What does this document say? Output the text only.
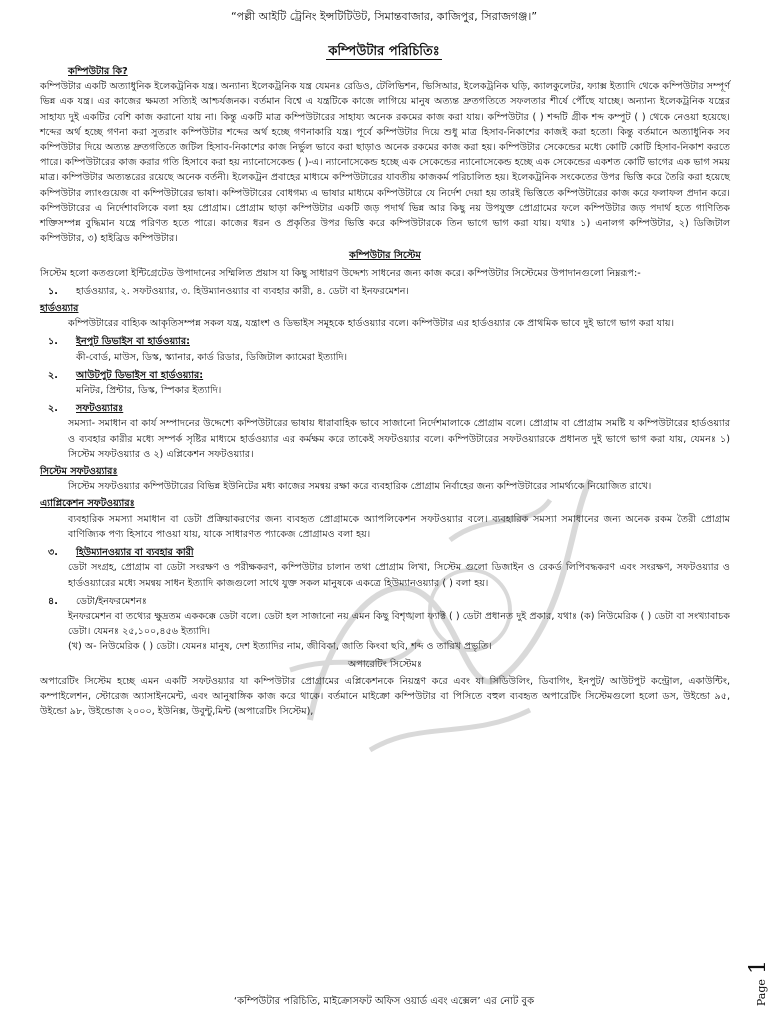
“পল্লী আইটি ট্রেনিং ইন্সটিটিউট, সিমান্তবাজার, কাজিপুর, সিরাজগঞ্জ।”
কম্পিউটার পরিচিতিঃ
কম্পিউটার কি?
কম্পিউটার একটি অত্যাধুনিক ইলেকট্রনিক যন্ত্র। অন্যান্য ইলেকট্রনিক যন্ত্র যেমনঃ রেডিও, টেলিভিশন, ভিসিআর, ইলেকট্রনিক ঘড়ি, ক্যালকুলেটর, ফ্যাক্স ইত্যাদি থেকে কম্পিউটার সম্পূর্ণ ভিন্ন এক যন্ত্র। এর কাজের ক্ষমতা সত্যিই আশ্চর্যজনক। বর্তমান বিশ্বে এ যন্ত্রটিকে কাজে লাগিয়ে মানুষ অত্যন্ত দ্রুতগতিতে সফলতার শীর্ষে পৌঁছে যাচ্ছে। অন্যান্য ইলেকট্রনিক যন্ত্রের সাহায্য দুই একটির বেশি কাজ করানো যায় না। কিন্তু একটি মাত্র কম্পিউটারের সাহায্য অনেক রকমের কাজ করা যায়। কম্পিউটার ( ) শব্দটি গ্রীক শব্দ কম্পুট ( ) থেকে নেওয়া হয়েছে। শব্দের অর্থ হচ্ছে গণনা করা সুতরাং কম্পিউটার শব্দের অর্থ হচ্ছে গণনাকারি যন্ত্র। পূর্বে কম্পিউটার দিয়ে শুধু মাত্র হিসাব-নিকাশের কাজই করা হতো। কিন্তু বর্তমানে অত্যাধুনিক সব কম্পিউটার দিয়ে অত্যন্ত দ্রুতগতিতে জটিল হিসাব-নিকাশের কাজ নির্ভুল ভাবে করা ছাড়াও অনেক রকমের কাজ করা হয়। কম্পিউটার সেকেন্ডের মধ্যে কোটি কোটি হিসাব-নিকাশ করতে পারে। কম্পিউটারের কাজ করার গতি হিসাবে করা হয় ন্যানোসেকেন্ড ( )-এ। ন্যানোসেকেন্ড হচ্ছে এক সেকেন্ডের ন্যানোসেকেন্ড হচ্ছে এক সেকেন্ডের একশত কোটি ভাগের এক ভাগ সময় মাত্র। কম্পিউটার অত্যন্তরের রয়েছে অনেক বর্তনী। ইলেকট্রন প্রবাহের মাধ্যমে কম্পিউটারের যাবতীয় কাজকর্ম পরিচালিত হয়। ইলেকট্রনিক সংকেতের উপর ভিত্তি করে তৈরি করা হয়েছে কম্পিউটার ল্যাংগুয়েজ বা কম্পিউটারের ভাষা। কম্পিউটারের বোধগম্য এ ভাষার মাধ্যমে কম্পিউটারে যে নির্দেশ দেয়া হয় তারই ভিত্তিতে কম্পিউটারের কাজ করে ফলাফল প্রদান করে। কম্পিউটারের এ নির্দেশাবলিকে বলা হয় প্রোগ্রাম। প্রোগ্রাম ছাড়া কম্পিউটার একটি জড় পদার্থ ভিন্ন আর কিছু নয় উপযুক্ত প্রোগ্রামের ফলে কম্পিউটার জড় পদার্থ হতে গাণিতিক শক্তিসম্পন্ন বুদ্ধিমান যন্ত্রে পরিণত হতে পারে। কাজের ধরন ও প্রকৃতির উপর ভিত্তি করে কম্পিউটারকে তিন ভাগে ভাগ করা যায়। যথাঃ ১) এনালগ কম্পিউটার, ২) ডিজিটাল কম্পিউটার, ৩) হাইব্রিড কম্পিউটার।
কম্পিউটার সিস্টেম
সিস্টেম হলো কতগুলো ইন্টিগ্রেটেড উপাদানের সম্মিলিত প্রয়াস যা কিছু সাধারণ উদ্দেশ্য সাধনের জন্য কাজ করে। কম্পিউটার সিস্টেমের উপাদানগুলো নিম্নরূপ:-
১.	হার্ডওয়্যার, ২. সফটওয়্যার, ৩. হিউম্যানওয়্যার বা ব্যবহার কারী, ৪. ডেটা বা ইনফরমেশন।
হার্ডওয়্যার
কম্পিউটারের বাহ্যিক আকৃতিসম্পন্ন সকল যন্ত্র, যন্ত্রাংশ ও ডিভাইস সমূহকে হার্ডওয়্যার বলে। কম্পিউটার এর হার্ডওয়্যার কে প্রাথমিক ভাবে দুই ভাগে ভাগ করা যায়।
১.	ইনপুট ডিভাইস বা হার্ডওয়্যার:
কী-বোর্ড, মাউস, ডিস্ক, স্ক্যানার, কার্ড রিডার, ডিজিটাল ক্যামেরা ইত্যাদি।
২.	আউটপুট ডিভাইস বা হার্ডওয়্যার:
মনিটর, প্রিন্টার, ডিস্ক, স্পিকার ইত্যাদি।
২.	সফটওয়্যারঃ
সমস্যা- সমাধান বা কার্য সম্পাদনের উদ্দেশ্যে কম্পিউটারের ভাষায় ধারাবাহিক ভাবে সাজানো নির্দেশমালাকে প্রোগ্রাম বলে। প্রোগ্রাম বা প্রোগ্রাম সমষ্টি য কম্পিউটারের হার্ডওয়্যার ও ব্যবহার কারীর মধ্যে সম্পর্ক সৃষ্টির মাধ্যমে হার্ডওয়্যার এর কর্মক্ষম করে তাকেই সফটওয়্যার বলে। কম্পিউটারের সফটওয়্যারকে প্রধানত দুই ভাগে ভাগ করা যায়, যেমনঃ ১) সিস্টেম সফটওয়্যার ও ২) এপ্লিকেশন সফটওয়্যার।
সিস্টেম সফটওয়্যারঃ
সিস্টেম সফটওয়্যার কম্পিউটারের বিভিন্ন ইউনিটের মধ্য কাজের সমন্বয় রক্ষা করে ব্যবহারিক প্রোগ্রাম নির্বাহের জন্য কম্পিউটারের সামর্থ্যকে নিয়োজিত রাখে।
এ্যাপ্লিকেশন সফটওয়্যারঃ
ব্যবহারিক সমস্যা সমাধান বা ডেটা প্রক্রিয়াকরণের জন্য ব্যবহৃত প্রোগ্রামকে অ্যাপলিকেশন সফটওয়্যার বলে। ব্যবহারিক সমস্যা সমাধানের জন্য অনেক রকম তৈরী প্রোগ্রাম বাণিজ্যিক পণ্য হিসাবে পাওয়া যায়, যাকে সাধারণত প্যাকেজ প্রোগ্রামও বলা হয়।
৩.	হিউম্যানওয়্যার বা ব্যবহার কারী
ডেটা সংগ্রহ, প্রোগ্রাম বা ডেটা সংরক্ষণ ও পরীক্ষকরণ, কম্পিউটার চালান তথা প্রোগ্রাম লিখা, সিস্টেম গুলো ডিজাইন ও রেকর্ড লিপিবদ্ধকরণ এবং সংরক্ষণ, সফটওয়্যার ও হার্ডওয়্যারের মধ্যে সমন্বয় সাধন ইত্যাদি কাজগুলো সাথে যুক্ত সকল মানুষকে একত্রে হিউম্যানওয়্যার ( ) বলা হয়।
৪.	ডেটা/ইনফরমেশনঃ
ইনফরমেশন বা তথ্যের ক্ষুদ্রতম এককক্কে ডেটা বলে। ডেটা হল সাজানো নয় এমন কিছু বিশৃঙ্খলা ফ্যাক্ট ( ) ডেটা প্রধানত দুই প্রকার, যথাঃ (ক) নিউমেরিক ( ) ডেটা বা সংখ্যাবাচক ডেটা। যেমনঃ ২৫,১০০,৪৫৬ ইত্যাদি।
(খ) অ- নিউমেরিক ( ) ডেটা। যেমনঃ মানুষ, দেশ ইত্যাদির নাম, জীবিকা, জাতি কিংবা ছবি, শব্দ ও তারিখ প্রভৃতি।
অপারেটিং সিস্টেমঃ
অপারেটিং সিস্টেম হচ্ছে এমন একটি সফটওয়্যার যা কম্পিউটার প্রোগ্রামের এপ্লিকেশনকে নিয়ন্ত্রণ করে এবং যা সিডিউলিং, ডিবাগিং, ইনপুট/ আউটপুট কন্ট্রোল, একাউন্টিং, কম্পাইলেশন, স্টোরেজ অ্যাসাইনমেন্ট, এবং আনুষাঙ্গিক কাজ করে থাকে। বর্তমানে মাইক্রো কম্পিউটার বা পিসিতে বহুল ব্যবহৃত অপারেটিং সিস্টেমগুলো হলো ডস, উইন্ডো ৯৫, উইন্ডো ৯৮, উইন্ডোজ ২০০০, ইউনিক্স, উবুন্টু,মিন্ট (অপারেটিং সিস্টেম),
‘কম্পিউটার পরিচিতি, মাইক্রোসফট অফিস ওয়ার্ড এবং এক্সেল’ এর নোট বুক	Page 1
